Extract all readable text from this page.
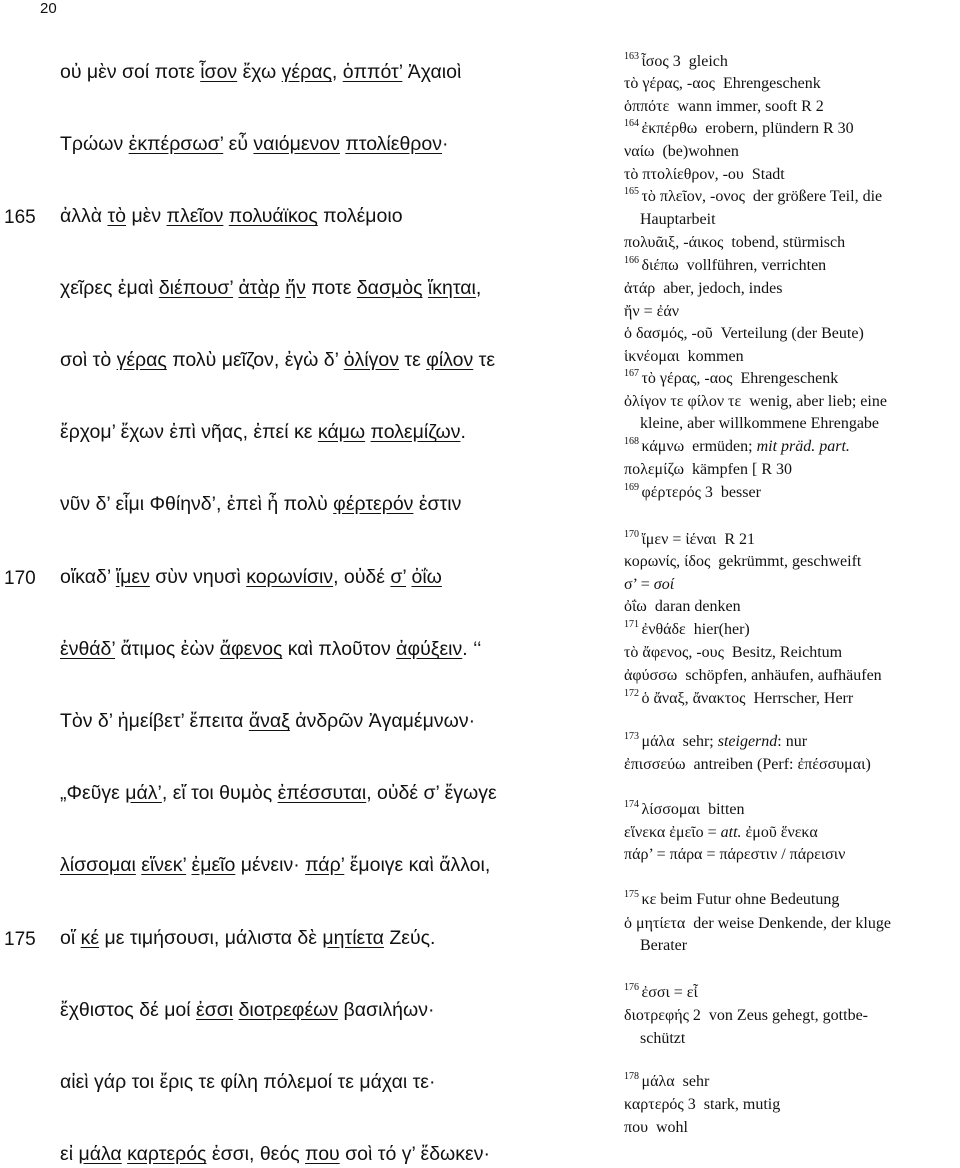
20
165
170
175
οὐ μὲν σοί ποτε ἶσον ἔχω γέρας, ὁππότ’ Ἀχαιοὶ
Τρώων ἐκπέρσωσ’ εὖ ναιόμενον πτολίεθρον·
ἀλλὰ τὸ μὲν πλεῖον πολυάϊκος πολέμοιο
χεῖρες ἐμαὶ διέπουσ’ ἀτὰρ ἤν ποτε δασμὸς ἵκηται,
σοὶ τὸ γέρας πολὺ μεῖζον, ἐγὼ δ’ ὀλίγον τε φίλον τε
ἔρχομ’ ἔχων ἐπὶ νῆας, ἐπεί κε κάμω πολεμίζων.
νῦν δ’ εἶμι Φθίηνδ’, ἐπεὶ ἦ πολὺ φέρτερόν ἐστιν
οἴκαδ’ ἴμεν σὺν νηυσὶ κορωνίσιν, οὐδέ σ’ ὀΐω
ἐνθάδ’ ἄτιμος ἐὼν ἄφενος καὶ πλοῦτον ἀφύξειν. ‘‘
Τὸν δ’ ἠμείβετ’ ἔπειτα ἄναξ ἀνδρῶν Ἀγαμέμνων·
„Φεῦγε μάλ’, εἴ τοι θυμὸς ἐπέσσυται, οὐδέ σ’ ἔγωγε
λίσσομαι εἵνεκ’ ἐμεῖο μένειν· πάρ’ ἔμοιγε καὶ ἄλλοι,
οἵ κέ με τιμήσουσι, μάλιστα δὲ μητίετα Ζεύς.
ἔχθιστος δέ μοί ἐσσι διοτρεφέων βασιλήων·
αἰεὶ γάρ τοι ἔρις τε φίλη πόλεμοί τε μάχαι τε·
εἰ μάλα καρτερός ἐσσι, θεός που σοὶ τό γ’ ἔδωκεν·
$^{163}$ ἶσος 3 gleich
τὸ γέρας, -αος Ehrengeschenk
ὁππότε wann immer, sooft R 2
$^{164}$ ἐκπέρθω erobern, plündern R 30
ναίω (be)wohnen
τὸ πτολίεθρον, -ου Stadt
$^{165}$ τὸ πλεῖον, -ονος der größere Teil, die
Hauptarbeit
πολυᾶιξ, -άικος tobend, stürmisch
$^{166}$ διέπω vollführen, verrichten
ἀτάρ aber, jedoch, indes
ἤν = ἐάν
ὁ δασμός, -οῦ Verteilung (der Beute)
ἱκνέομαι kommen
$^{167}$ τὸ γέρας, -αος Ehrengeschenk
ὀλίγον τε φίλον τε wenig, aber lieb; eine
kleine, aber willkommene Ehrengabe
$^{168}$ κάμνω ermüden; mit präd. part.
πολεμίζω kämpfen [ R 30
$^{169}$ φέρτερός 3 besser
$^{170}$ ἴμεν = ἰέναι R 21
κορωνίς, ίδος gekrümmt, geschweift
σ’ = σοί
ὀΐω daran denken
$^{171}$ ἐνθάδε hier(her)
τὸ ἄφενος, -ους Besitz, Reichtum
ἀφύσσω schöpfen, anhäufen, aufhäufen
$^{172}$ ὁ ἄναξ, ἄνακτος Herrscher, Herr
$^{173}$ μάλα sehr; steigernd: nur
ἐπισσεύω antreiben (Perf: ἐπέσσυμαι)
$^{174}$ λίσσομαι bitten
εἵνεκα ἐμεῖο = att. ἐμοῦ ἕνεκα
πάρ’ = πάρα = πάρεστιν / πάρεισιν
$^{175}$ κε beim Futur ohne Bedeutung
ὁ μητίετα der weise Denkende, der kluge
Berater
$^{176}$ ἐσσι = εἶ
διοτρεφής 2 von Zeus gehegt, gottbe-
schützt
$^{178}$ μάλα sehr
καρτερός 3 stark, mutig
που wohl
